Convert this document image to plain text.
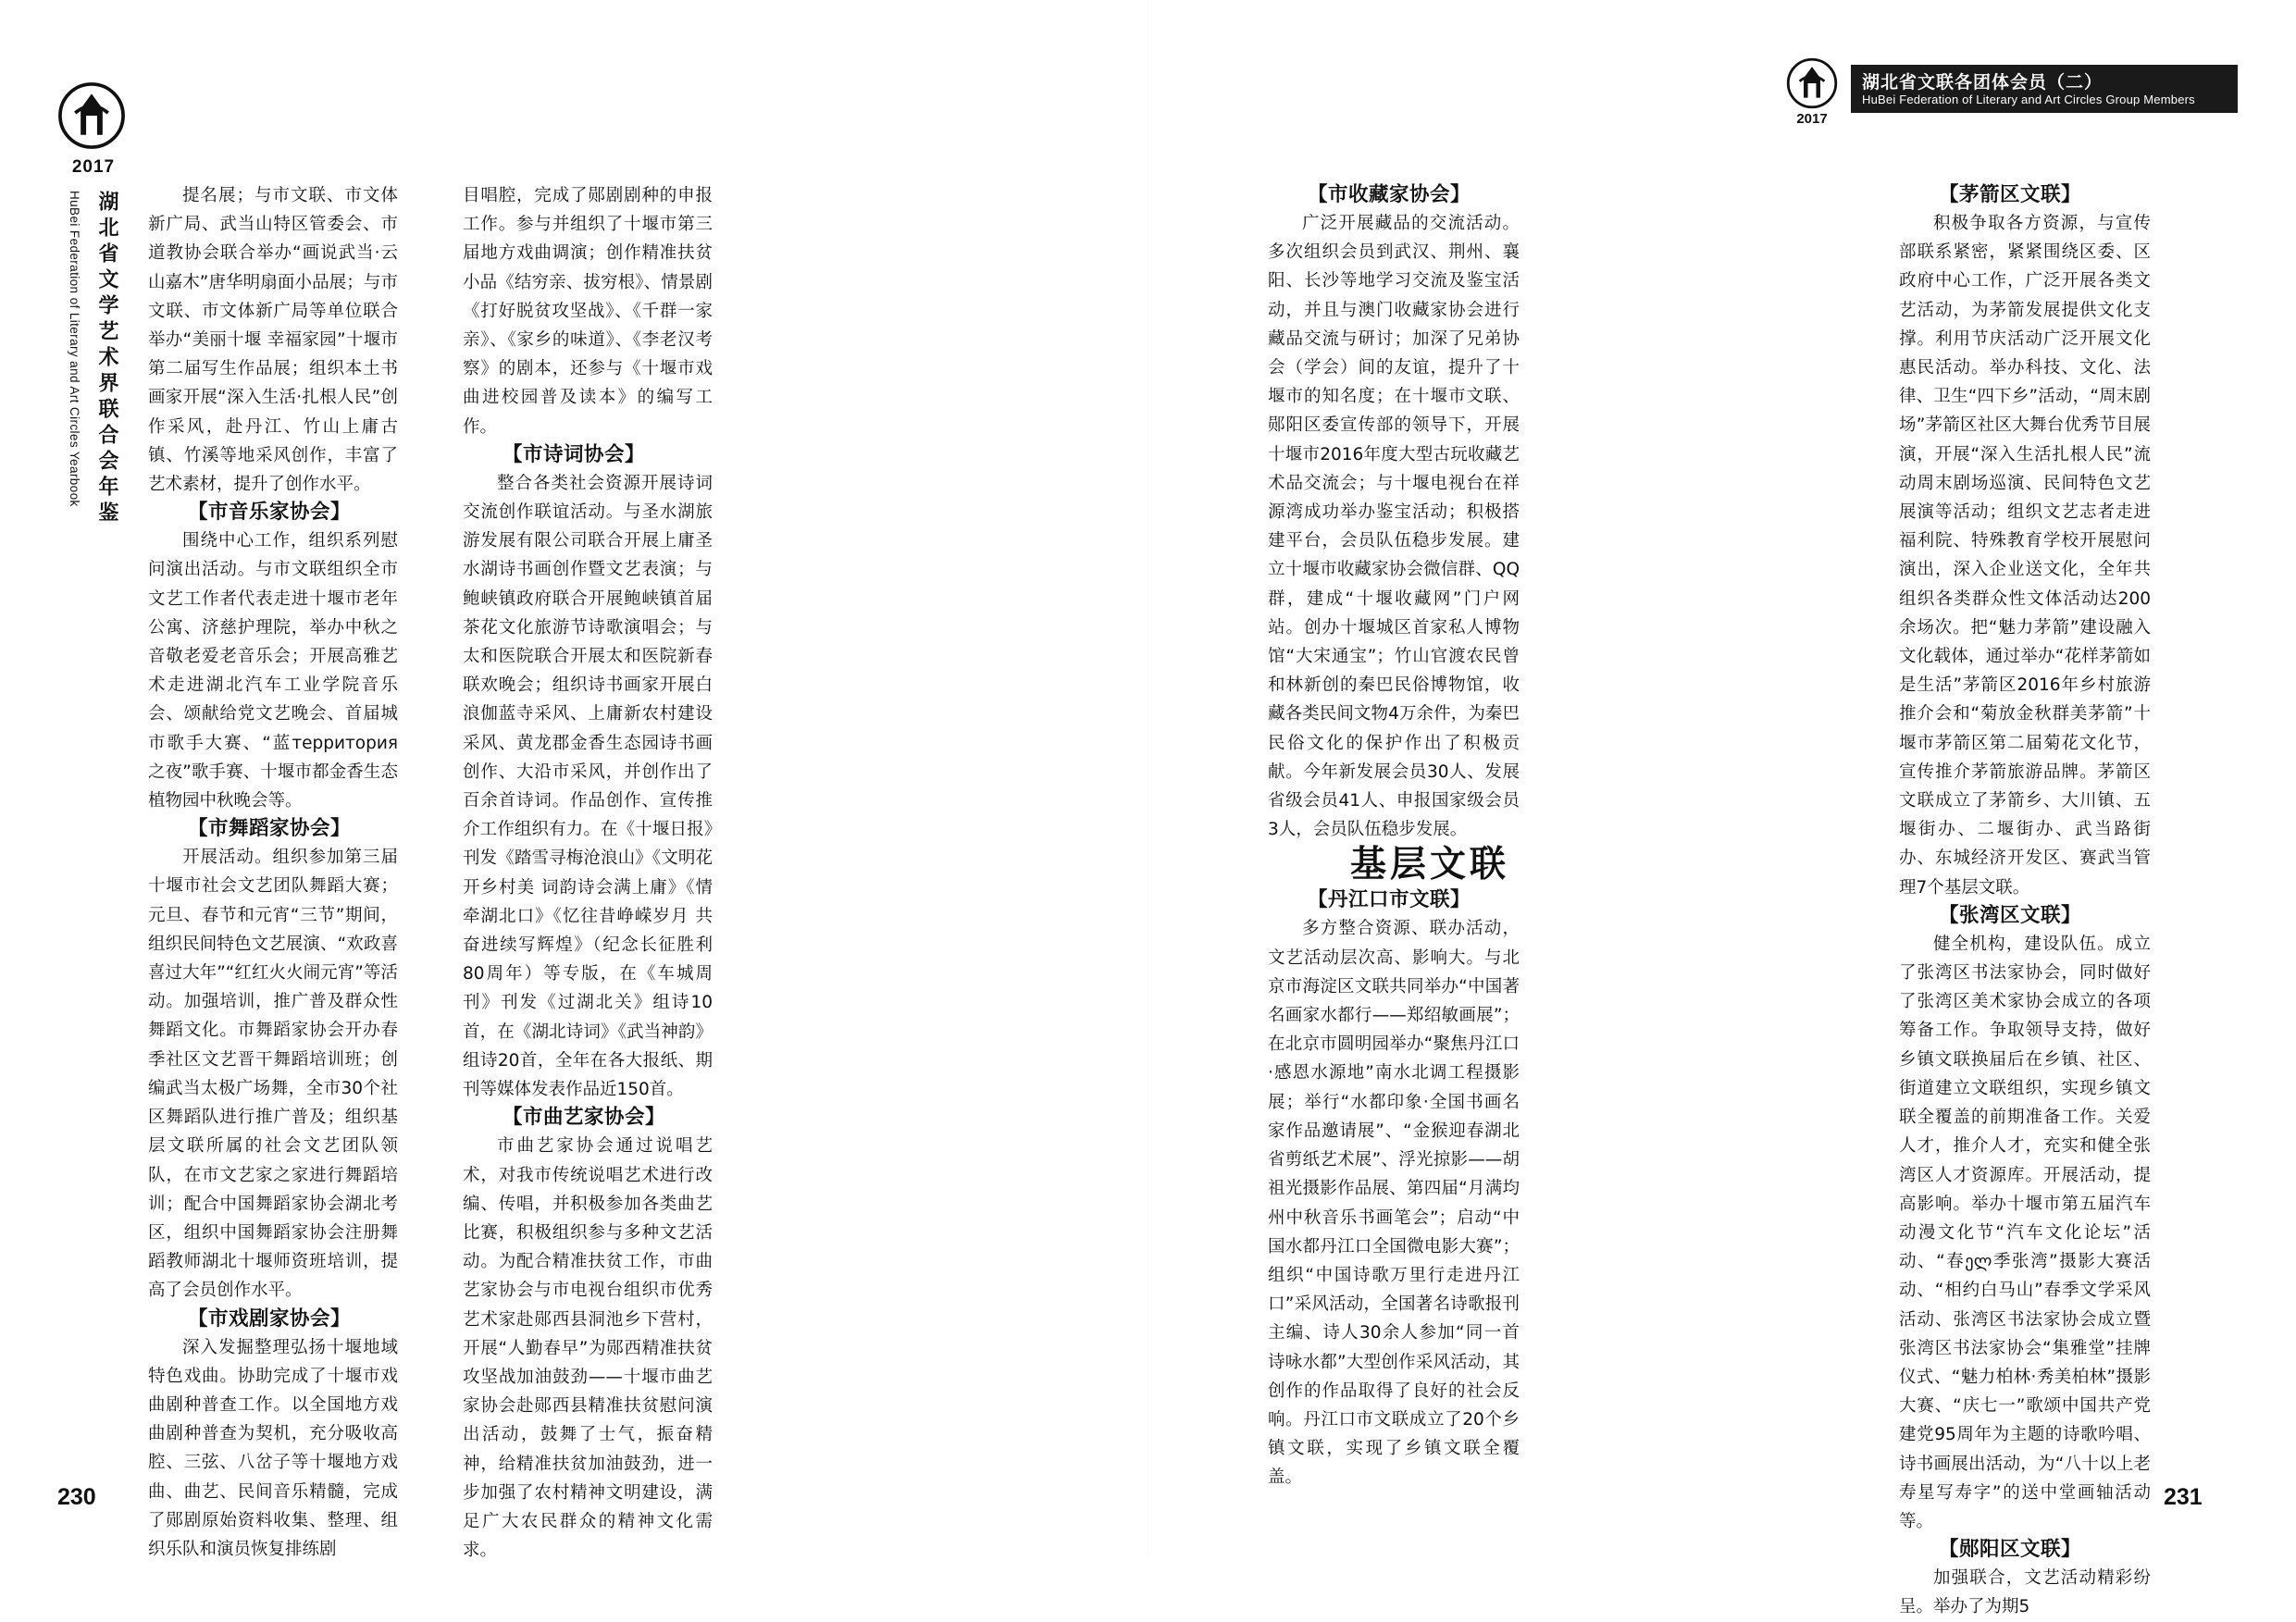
2017
HuBei Federation of Literary and Art Circles Yearbook 湖北省文学艺术界联合会年鉴
230
2017
湖北省文联各团体会员（二）
HuBei Federation of Literary and Art Circles Group Members
231

提名展；与市文联、市文体新广局、武当山特区管委会、市道教协会联合举办“画说武当·云山嘉木”唐华明扇面小品展；与市文联、市文体新广局等单位联合举办“美丽十堰 幸福家园”十堰市第二届写生作品展；组织本土书画家开展“深入生活·扎根人民”创作采风，赴丹江、竹山上庸古镇、竹溪等地采风创作，丰富了艺术素材，提升了创作水平。

【市音乐家协会】

围绕中心工作，组织系列慰问演出活动。与市文联组织全市文艺工作者代表走进十堰市老年公寓、济慈护理院，举办中秋之音敬老爱老音乐会；开展高雅艺术走进湖北汽车工业学院音乐会、颂献给党文艺晚会、首届城市歌手大赛、“蓝территория之夜”歌手赛、十堰市都金香生态植物园中秋晚会等。

【市舞蹈家协会】

开展活动。组织参加第三届十堰市社会文艺团队舞蹈大赛；元旦、春节和元宵“三节”期间，组织民间特色文艺展演、“欢政喜喜过大年”“红红火火闹元宵”等活动。加强培训，推广普及群众性舞蹈文化。市舞蹈家协会开办春季社区文艺晋干舞蹈培训班；创编武当太极广场舞，全市30个社区舞蹈队进行推广普及；组织基层文联所属的社会文艺团队领队，在市文艺家之家进行舞蹈培训；配合中国舞蹈家协会湖北考区，组织中国舞蹈家协会注册舞蹈教师湖北十堰师资班培训，提高了会员创作水平。

【市戏剧家协会】

深入发掘整理弘扬十堰地域特色戏曲。协助完成了十堰市戏曲剧种普查工作。以全国地方戏曲剧种普查为契机，充分吸收高腔、三弦、八岔子等十堰地方戏曲、曲艺、民间音乐精髓，完成了郧剧原始资料收集、整理、组织乐队和演员恢复排练剧

目唱腔，完成了郧剧剧种的申报工作。参与并组织了十堰市第三届地方戏曲调演；创作精准扶贫小品《结穷亲、拔穷根》、情景剧《打好脱贫攻坚战》、《千群一家亲》、《家乡的味道》、《李老汉考察》的剧本，还参与《十堰市戏曲进校园普及读本》的编写工作。

【市诗词协会】

整合各类社会资源开展诗词交流创作联谊活动。与圣水湖旅游发展有限公司联合开展上庸圣水湖诗书画创作暨文艺表演；与鲍峡镇政府联合开展鲍峡镇首届茶花文化旅游节诗歌演唱会；与太和医院联合开展太和医院新春联欢晚会；组织诗书画家开展白浪伽蓝寺采风、上庸新农村建设采风、黄龙郡金香生态园诗书画创作、大沿市采风，并创作出了百余首诗词。作品创作、宣传推介工作组织有力。在《十堰日报》刊发《踏雪寻梅沧浪山》《文明花开乡村美 词韵诗会满上庸》《情牵湖北口》《忆往昔峥嵘岁月 共奋进续写辉煌》（纪念长征胜利80周年）等专版，在《车城周刊》刊发《过湖北关》组诗10首，在《湖北诗词》《武当神韵》组诗20首，全年在各大报纸、期刊等媒体发表作品近150首。

【市曲艺家协会】

市曲艺家协会通过说唱艺术，对我市传统说唱艺术进行改编、传唱，并积极参加各类曲艺比赛，积极组织参与多种文艺活动。为配合精准扶贫工作，市曲艺家协会与市电视台组织市优秀艺术家赴郧西县洞池乡下营村，开展“人勤春早”为郧西精准扶贫攻坚战加油鼓劲——十堰市曲艺家协会赴郧西县精准扶贫慰问演出活动，鼓舞了士气，振奋精神，给精准扶贫加油鼓劲，进一步加强了农村精神文明建设，满足广大农民群众的精神文化需求。

【市收藏家协会】

广泛开展藏品的交流活动。多次组织会员到武汉、荆州、襄阳、长沙等地学习交流及鉴宝活动，并且与澳门收藏家协会进行藏品交流与研讨；加深了兄弟协会（学会）间的友谊，提升了十堰市的知名度；在十堰市文联、郧阳区委宣传部的领导下，开展十堰市2016年度大型古玩收藏艺术品交流会；与十堰电视台在祥源湾成功举办鉴宝活动；积极搭建平台，会员队伍稳步发展。建立十堰市收藏家协会微信群、QQ群，建成“十堰收藏网”门户网站。创办十堰城区首家私人博物馆“大宋通宝”；竹山官渡农民曾和林新创的秦巴民俗博物馆，收藏各类民间文物4万余件，为秦巴民俗文化的保护作出了积极贡献。今年新发展会员30人、发展省级会员41人、申报国家级会员3人，会员队伍稳步发展。

基层文联

【丹江口市文联】

多方整合资源、联办活动，文艺活动层次高、影响大。与北京市海淀区文联共同举办“中国著名画家水都行——郑绍敏画展”；在北京市圆明园举办“聚焦丹江口·感恩水源地”南水北调工程摄影展；举行“水都印象·全国书画名家作品邀请展”、“金猴迎春湖北省剪纸艺术展”、浮光掠影——胡祖光摄影作品展、第四届“月满均州中秋音乐书画笔会”；启动“中国水都丹江口全国微电影大赛”；组织“中国诗歌万里行走进丹江口”采风活动，全国著名诗歌报刊主编、诗人30余人参加“同一首诗咏水都”大型创作采风活动，其创作的作品取得了良好的社会反响。丹江口市文联成立了20个乡镇文联，实现了乡镇文联全覆盖。

【茅箭区文联】

积极争取各方资源，与宣传部联系紧密，紧紧围绕区委、区政府中心工作，广泛开展各类文艺活动，为茅箭发展提供文化支撑。利用节庆活动广泛开展文化惠民活动。举办科技、文化、法律、卫生“四下乡”活动，“周末剧场”茅箭区社区大舞台优秀节目展演，开展“深入生活扎根人民”流动周末剧场巡演、民间特色文艺展演等活动；组织文艺志者走进福利院、特殊教育学校开展慰问演出，深入企业送文化，全年共组织各类群众性文体活动达200余场次。把“魅力茅箭”建设融入文化载体，通过举办“花样茅箭如是生活”茅箭区2016年乡村旅游推介会和“菊放金秋群美茅箭”十堰市茅箭区第二届菊花文化节，宣传推介茅箭旅游品牌。茅箭区文联成立了茅箭乡、大川镇、五堰街办、二堰街办、武当路街办、东城经济开发区、赛武当管理7个基层文联。

【张湾区文联】

健全机构，建设队伍。成立了张湾区书法家协会，同时做好了张湾区美术家协会成立的各项筹备工作。争取领导支持，做好乡镇文联换届后在乡镇、社区、街道建立文联组织，实现乡镇文联全覆盖的前期准备工作。关爱人才，推介人才，充实和健全张湾区人才资源库。开展活动，提高影响。举办十堰市第五届汽车动漫文化节“汽车文化论坛”活动、“春ელ季张湾”摄影大赛活动、“相约白马山”春季文学采风活动、张湾区书法家协会成立暨张湾区书法家协会“集雅堂”挂牌仪式、“魅力柏林·秀美柏林”摄影大赛、“庆七一”歌颂中国共产党建党95周年为主题的诗歌吟唱、诗书画展出活动，为“八十以上老寿星写寿字”的送中堂画轴活动等。

【郧阳区文联】

加强联合，文艺活动精彩纷呈。举办了为期5
